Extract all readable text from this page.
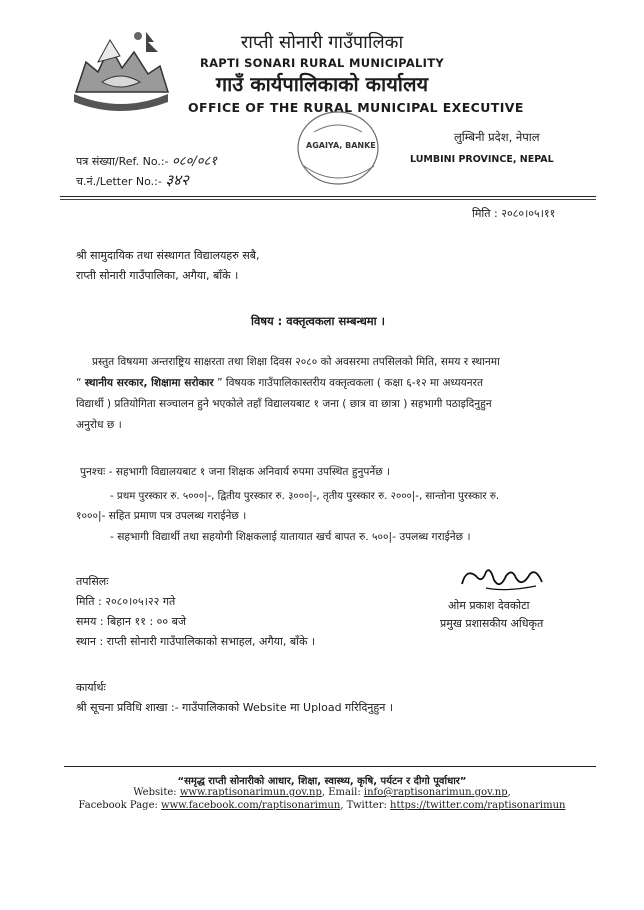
राप्ती सोनारी गाउँपालिका
RAPTI SONARI RURAL MUNICIPALITY
गाउँ कार्यपालिकाको कार्यालय
OFFICE OF THE RURAL MUNICIPAL EXECUTIVE
AGAIYA, BANKE
लुम्बिनी प्रदेश, नेपाल
LUMBINI PROVINCE, NEPAL
पत्र संख्या/Ref. No.:- ०८०/०८१
च.नं./Letter No.:- ३४२
मिति : २०८०।०५।११
श्री सामुदायिक तथा संस्थागत विद्यालयहरु सबै,
राप्ती सोनारी गाउँपालिका, अगैया, बाँके ।
विषय : वक्तृत्वकला सम्बन्धमा ।
प्रस्तुत विषयमा अन्तराष्ट्रिय साक्षरता तथा शिक्षा दिवस २०८० को अवसरमा तपसिलको मिति, समय र स्थानमा
“ स्थानीय सरकार, शिक्षामा सरोकार ” विषयक गाउँपालिकास्तरीय वक्तृत्वकला ( कक्षा ६-१२ मा अध्ययनरत
विद्यार्थी ) प्रतियोगिता सञ्चालन हुने भएकोले तहाँ विद्यालयबाट १ जना ( छात्र वा छात्रा ) सहभागी पठाइदिनुहुन
अनुरोध छ ।
पुनश्चः - सहभागी विद्यालयबाट १ जना शिक्षक अनिवार्य रुपमा उपस्थित हुनुपर्नेछ ।
- प्रथम पुरस्कार रु. ५०००|-, द्वितीय पुरस्कार रु. ३०००|-, तृतीय पुरस्कार रु. २०००|-, सान्तोना पुरस्कार रु.
१०००|- सहित प्रमाण पत्र उपलब्ध गराईनेछ ।
- सहभागी विद्यार्थी तथा सहयोगी शिक्षकलाई यातायात खर्च बापत रु. ५००|- उपलब्ध गराईनेछ ।
तपसिलः
मिति : २०८०।०५।२२ गते
समय : बिहान ११ : ०० बजे
स्थान : राप्ती सोनारी गाउँपालिकाको सभाहल, अगैया, बाँके ।
ओम प्रकाश देवकोटा
प्रमुख प्रशासकीय अधिकृत
कार्यार्थः
श्री सूचना प्रविधि शाखा :- गाउँपालिकाको Website मा Upload गरिदिनुहुन ।
“समृद्ध राप्ती सोनारीको आधार, शिक्षा, स्वास्थ्य, कृषि, पर्यटन र दीगो पूर्वाधार”
Website: www.raptisonarimun.gov.np, Email: info@raptisonarimun.gov.np,
Facebook Page: www.facebook.com/raptisonarimun, Twitter: https://twitter.com/raptisonarimun
